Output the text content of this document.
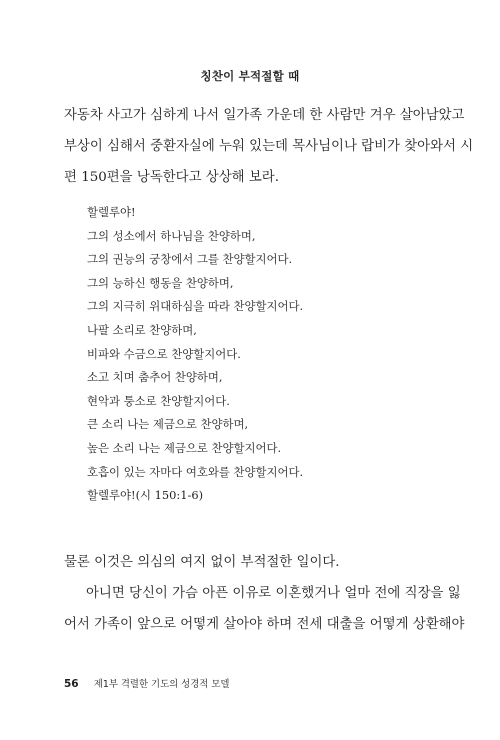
칭찬이 부적절할 때

자동차 사고가 심하게 나서 일가족 가운데 한 사람만 겨우 살아남았고
부상이 심해서 중환자실에 누워 있는데 목사님이나 랍비가 찾아와서 시
편 150편을 낭독한다고 상상해 보라.

할렐루야!
그의 성소에서 하나님을 찬양하며,
그의 권능의 궁창에서 그를 찬양할지어다.
그의 능하신 행동을 찬양하며,
그의 지극히 위대하심을 따라 찬양할지어다.
나팔 소리로 찬양하며,
비파와 수금으로 찬양할지어다.
소고 치며 춤추어 찬양하며,
현악과 퉁소로 찬양할지어다.
큰 소리 나는 제금으로 찬양하며,
높은 소리 나는 제금으로 찬양할지어다.
호흡이 있는 자마다 여호와를 찬양할지어다.
할렐루야!(시 150:1-6)

물론 이것은 의심의 여지 없이 부적절한 일이다.
아니면 당신이 가슴 아픈 이유로 이혼했거나 얼마 전에 직장을 잃
어서 가족이 앞으로 어떻게 살아야 하며 전세 대출을 어떻게 상환해야

56 제1부 격렬한 기도의 성경적 모델
